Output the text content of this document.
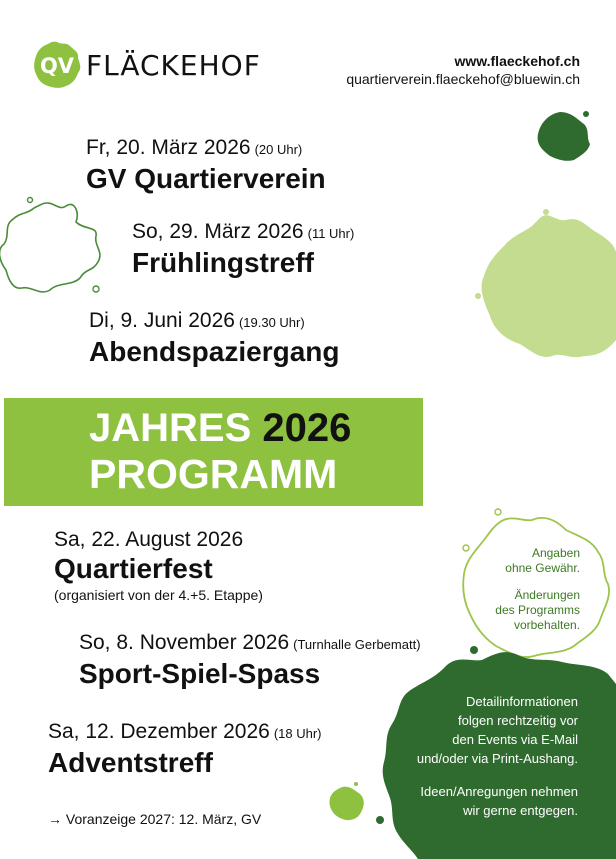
QV FLÄCKEHOF	www.flaeckehof.ch
quartierverein.flaeckehof@bluewin.ch
Fr, 20. März 2026 (20 Uhr)
GV Quartierverein
So, 29. März 2026 (11 Uhr)
Frühlingstreff
Di, 9. Juni 2026 (19.30 Uhr)
Abendspaziergang
JAHRES 2026
PROGRAMM
Sa, 22. August 2026
Quartierfest
(organisiert von der 4.+5. Etappe)
So, 8. November 2026 (Turnhalle Gerbematt)
Sport-Spiel-Spass
Sa, 12. Dezember 2026 (18 Uhr)
Adventstreff
Angaben
ohne Gewähr.
Änderungen
des Programms
vorbehalten.
Detailinformationen
folgen rechtzeitig vor
den Events via E-Mail
und/oder via Print-Aushang.
Ideen/Anregungen nehmen
wir gerne entgegen.
→ Voranzeige 2027: 12. März, GV
